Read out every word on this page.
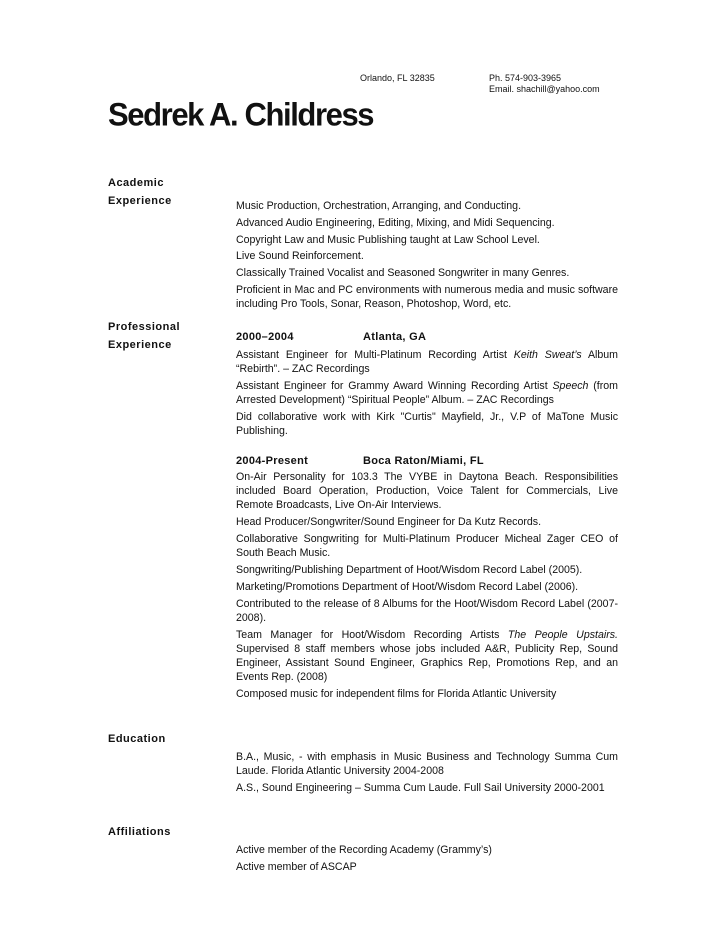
Orlando, FL 32835	Ph. 574-903-3965
Email. shachill@yahoo.com
Sedrek A. Childress
Academic
Experience	Music Production, Orchestration, Arranging, and Conducting.

Advanced Audio Engineering, Editing, Mixing, and Midi Sequencing.

Copyright Law and Music Publishing taught at Law School Level.

Live Sound Reinforcement.

Classically Trained Vocalist and Seasoned Songwriter in many Genres.

Proficient in Mac and PC environments with numerous media and music software including Pro Tools, Sonar, Reason, Photoshop, Word, etc.

Professional
Experience
2000–2004	Atlanta, GA

Assistant Engineer for Multi-Platinum Recording Artist Keith Sweat’s Album “Rebirth”. – ZAC Recordings

Assistant Engineer for Grammy Award Winning Recording Artist Speech (from Arrested Development) “Spiritual People” Album. – ZAC Recordings

Did collaborative work with Kirk "Curtis" Mayfield, Jr., V.P of MaTone Music Publishing.

2004-Present	Boca Raton/Miami, FL

On-Air Personality for 103.3 The VYBE in Daytona Beach. Responsibilities included Board Operation, Production, Voice Talent for Commercials, Live Remote Broadcasts, Live On-Air Interviews.

Head Producer/Songwriter/Sound Engineer for Da Kutz Records.

Collaborative Songwriting for Multi-Platinum Producer Micheal Zager CEO of South Beach Music.

Songwriting/Publishing Department of Hoot/Wisdom Record Label (2005).

Marketing/Promotions Department of Hoot/Wisdom Record Label (2006).

Contributed to the release of 8 Albums for the Hoot/Wisdom Record Label (2007-2008).

Team Manager for Hoot/Wisdom Recording Artists The People Upstairs. Supervised 8 staff members whose jobs included A&R, Publicity Rep, Sound Engineer, Assistant Sound Engineer, Graphics Rep, Promotions Rep, and an Events Rep. (2008)

Composed music for independent films for Florida Atlantic University

Education

B.A., Music, - with emphasis in Music Business and Technology Summa Cum Laude. Florida Atlantic University 2004-2008

A.S., Sound Engineering – Summa Cum Laude. Full Sail University 2000-2001

Affiliations

Active member of the Recording Academy (Grammy’s)

Active member of ASCAP
